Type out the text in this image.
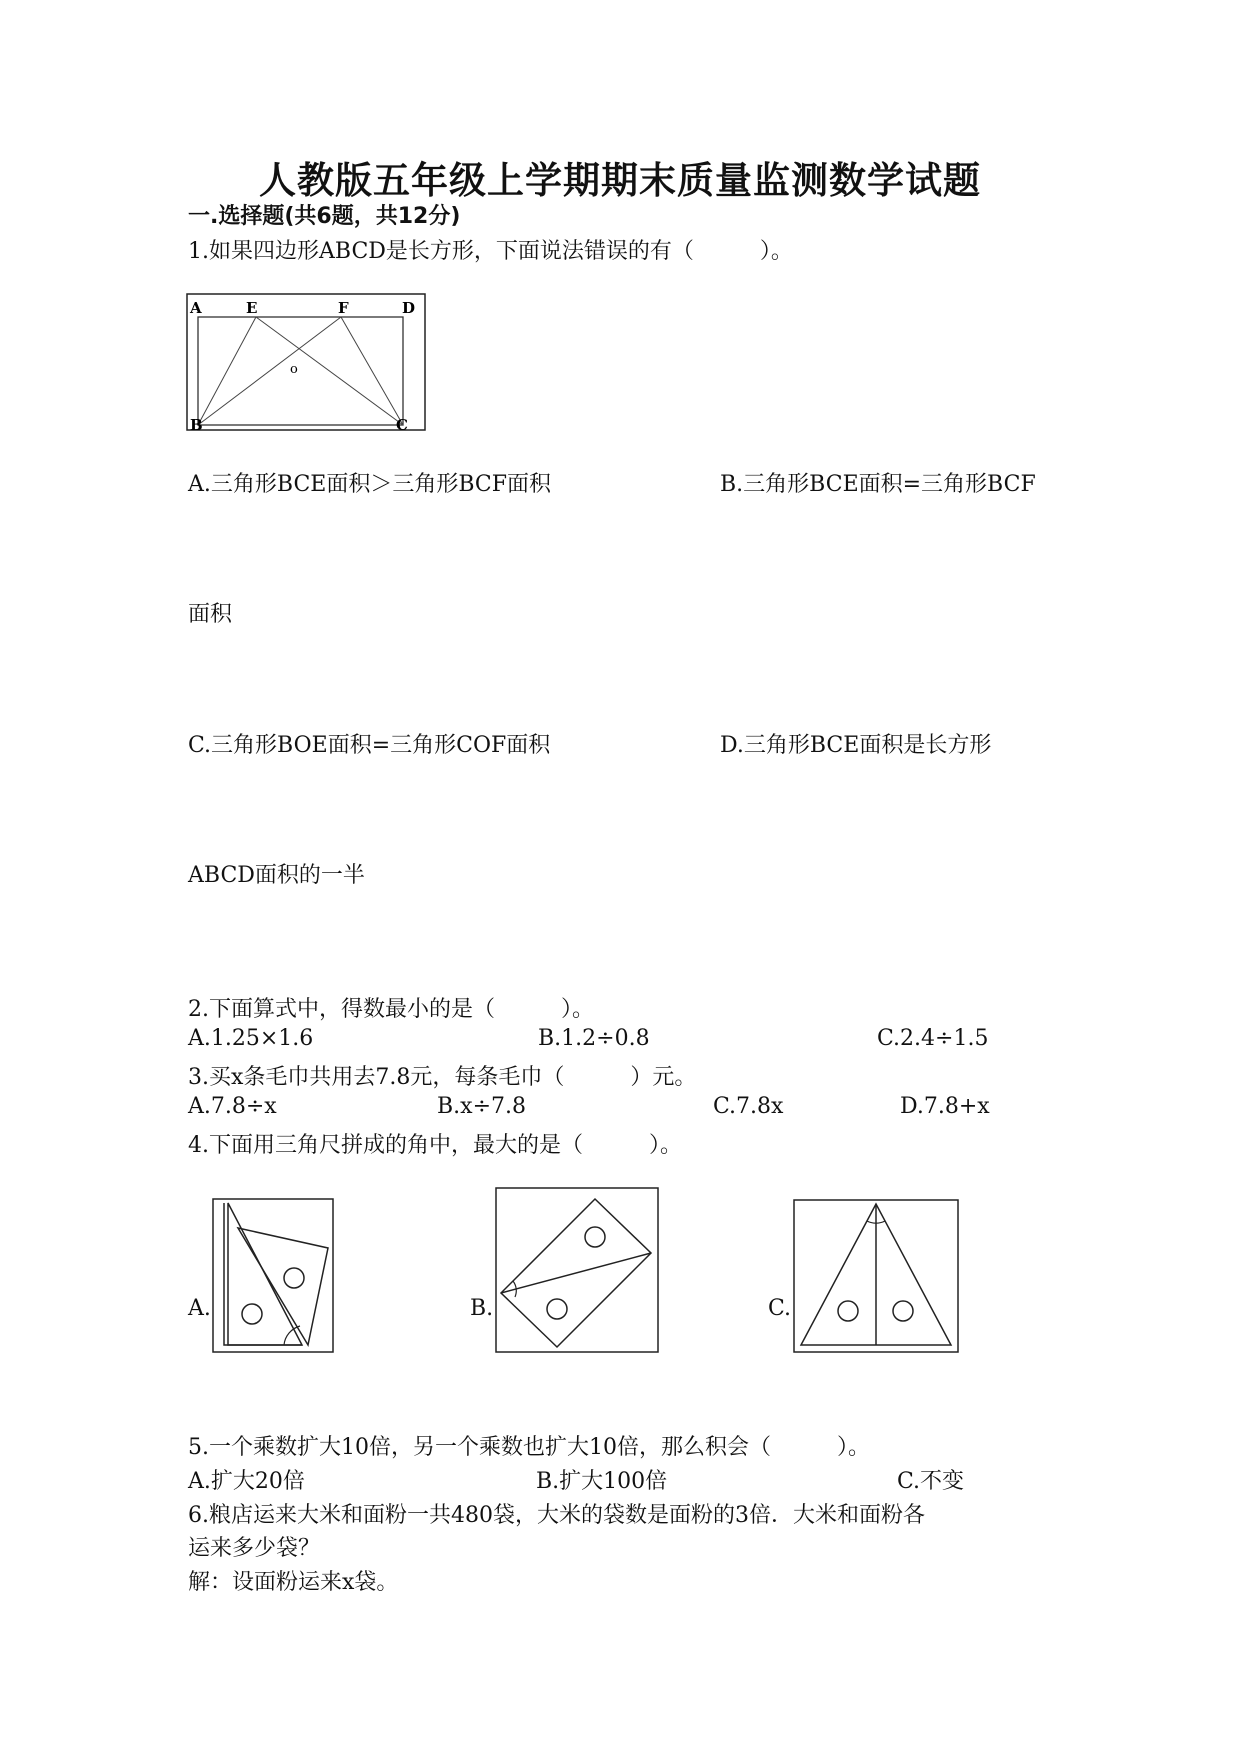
人教版五年级上学期期末质量监测数学试题
一.选择题(共6题，共12分)
1.如果四边形ABCD是长方形，下面说法错误的有（　　　）。
A	E	F	D
B	C
o
A.三角形BCE面积＞三角形BCF面积	B.三角形BCE面积=三角形BCF
面积
C.三角形BOE面积=三角形COF面积	D.三角形BCE面积是长方形
ABCD面积的一半
2.下面算式中，得数最小的是（　　　）。
A.1.25×1.6	B.1.2÷0.8	C.2.4÷1.5
3.买x条毛巾共用去7.8元，每条毛巾（　　　）元。
A.7.8÷x	B.x÷7.8	C.7.8x	D.7.8+x
4.下面用三角尺拼成的角中，最大的是（　　　）。
A.	B.	C.
5.一个乘数扩大10倍，另一个乘数也扩大10倍，那么积会（　　　）。
A.扩大20倍	B.扩大100倍	C.不变
6.粮店运来大米和面粉一共480袋，大米的袋数是面粉的3倍．大米和面粉各
运来多少袋？
解：设面粉运来x袋。
